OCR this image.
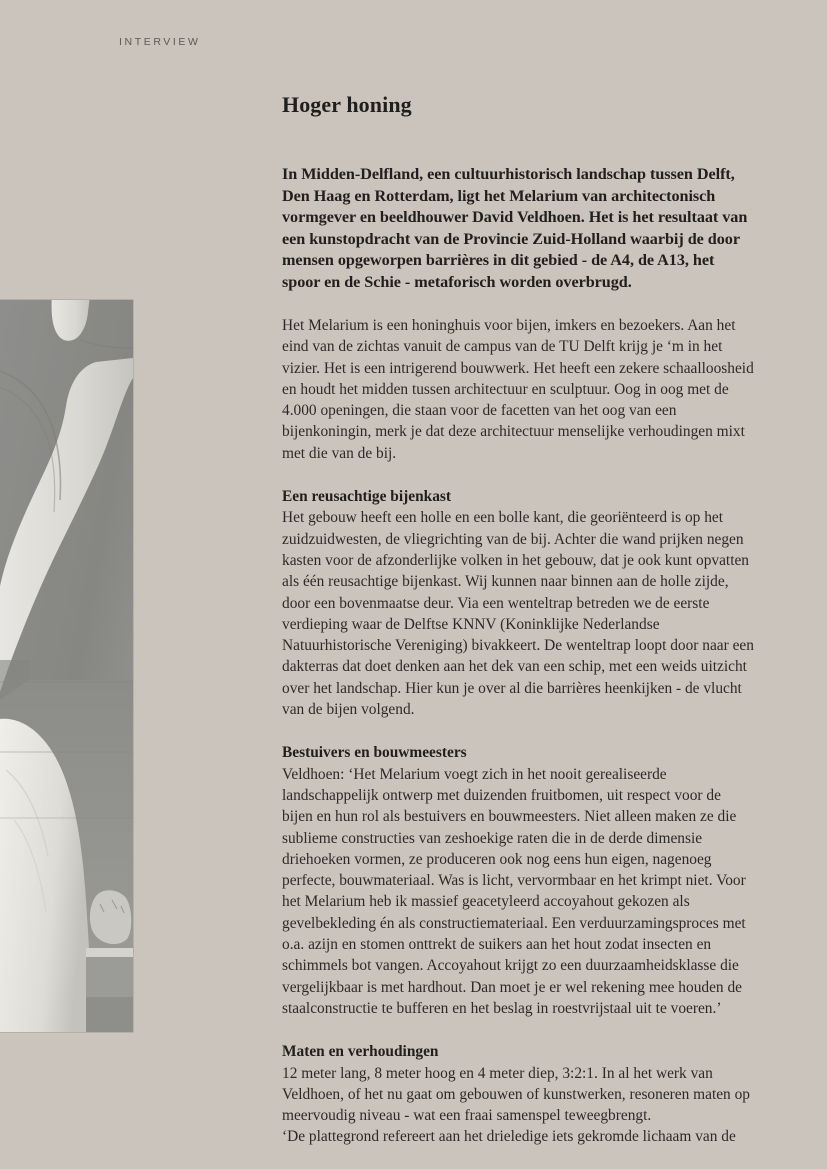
INTERVIEW
Hoger honing

In Midden-Delfland, een cultuurhistorisch landschap tussen Delft, Den Haag en Rotterdam, ligt het Melarium van architectonisch vormgever en beeldhouwer David Veldhoen. Het is het resultaat van een kunstopdracht van de Provincie Zuid-Holland waarbij de door mensen opgeworpen barrières in dit gebied - de A4, de A13, het spoor en de Schie - metaforisch worden overbrugd.

Het Melarium is een honinghuis voor bijen, imkers en bezoekers. Aan het eind van de zichtas vanuit de campus van de TU Delft krijg je ‘m in het vizier. Het is een intrigerend bouwwerk. Het heeft een zekere schaalloosheid en houdt het midden tussen architectuur en sculptuur. Oog in oog met de 4.000 openingen, die staan voor de facetten van het oog van een bijenkoningin, merk je dat deze architectuur menselijke verhoudingen mixt met die van de bij.

Een reusachtige bijenkast

Het gebouw heeft een holle en een bolle kant, die georiënteerd is op het zuidzuidwesten, de vliegrichting van de bij. Achter die wand prijken negen kasten voor de afzonderlijke volken in het gebouw, dat je ook kunt opvatten als één reusachtige bijenkast. Wij kunnen naar binnen aan de holle zijde, door een bovenmaatse deur. Via een wenteltrap betreden we de eerste verdieping waar de Delftse KNNV (Koninklijke Nederlandse Natuurhistorische Vereniging) bivakkeert. De wenteltrap loopt door naar een dakterras dat doet denken aan het dek van een schip, met een weids uitzicht over het landschap. Hier kun je over al die barrières heenkijken - de vlucht van de bijen volgend.

Bestuivers en bouwmeesters

Veldhoen: ‘Het Melarium voegt zich in het nooit gerealiseerde landschappelijk ontwerp met duizenden fruitbomen, uit respect voor de bijen en hun rol als bestuivers en bouwmeesters. Niet alleen maken ze die sublieme constructies van zeshoekige raten die in de derde dimensie driehoeken vormen, ze produceren ook nog eens hun eigen, nagenoeg perfecte, bouwmateriaal. Was is licht, vervormbaar en het krimpt niet. Voor het Melarium heb ik massief geacetyleerd accoyahout gekozen als gevelbekleding én als constructiemateriaal. Een verduurzamingsproces met o.a. azijn en stomen onttrekt de suikers aan het hout zodat insecten en schimmels bot vangen. Accoyahout krijgt zo een duurzaamheidsklasse die vergelijkbaar is met hardhout. Dan moet je er wel rekening mee houden de staalconstructie te bufferen en het beslag in roestvrijstaal uit te voeren.’

Maten en verhoudingen

12 meter lang, 8 meter hoog en 4 meter diep, 3:2:1. In al het werk van Veldhoen, of het nu gaat om gebouwen of kunstwerken, resoneren maten op meervoudig niveau - wat een fraai samenspel teweegbrengt.

‘De plattegrond refereert aan het drieledige iets gekromde lichaam van de
